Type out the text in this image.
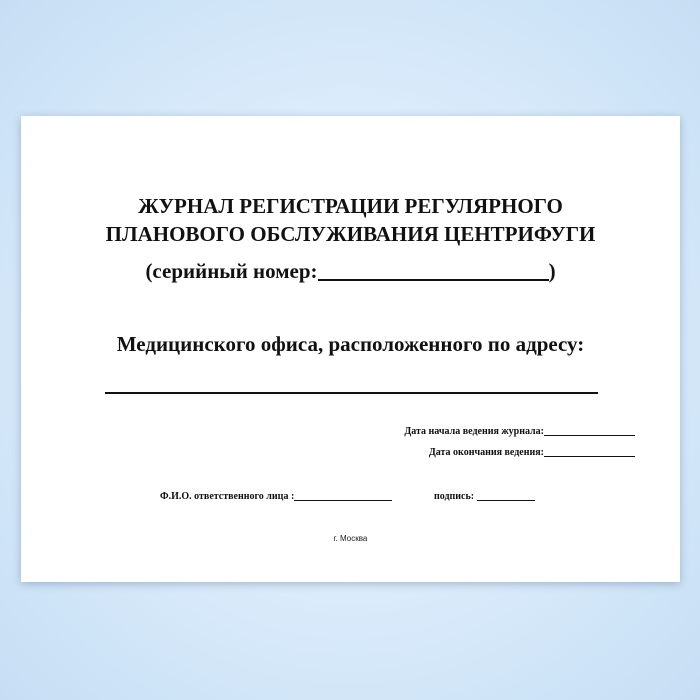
ЖУРНАЛ РЕГИСТРАЦИИ РЕГУЛЯРНОГО
ПЛАНОВОГО ОБСЛУЖИВАНИЯ ЦЕНТРИФУГИ
(серийный номер:	)
Медицинского офиса, расположенного по адресу:
Дата начала ведения журнала:
Дата окончания ведения:
Ф.И.О. ответственного лица :	подпись:
г. Москва
